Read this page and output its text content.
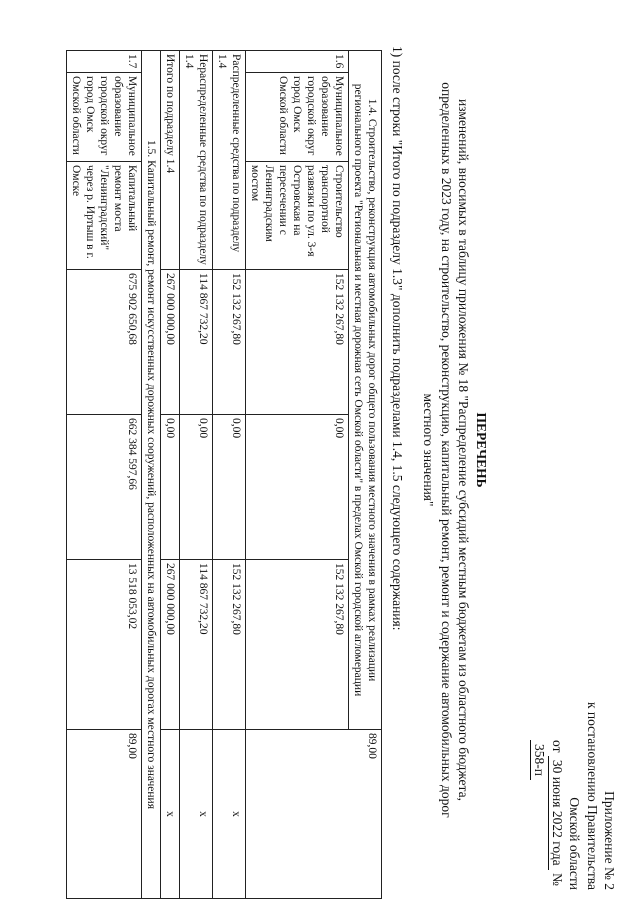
Приложение № 2
к постановлению Правительства Омской области
от 30 июня 2022 года № 358-п
ПЕРЕЧЕНЬ
изменений, вносимых в таблицу приложения № 18 "Распределение субсидий местным бюджетам из областного бюджета, определенных в 2023 году, на строительство, реконструкцию, капитальный ремонт, ремонт и содержание автомобильных дорог местного значения"
1) после строки "Итого по подразделу 1.3" дополнить подразделами 1.4, 1.5 следующего содержания:
1.4. Строительство, реконструкция автомобильных дорог общего пользования местного значения в рамках реализации регионального проекта "Региональная и местная дорожная сеть Омской области" в пределах Омской городской агломерации						89,00
1.6	Муниципальное образование городской округ город Омск Омской области	Строительство транспортной развязки по ул. 3-я Островская на пересечении с Ленинградским мостом	152 132 267,80	0,00	152 132 267,80	
Распределенные средства по подразделу 1.4			152 132 267,80	0,00	152 132 267,80	x
Нераспределенные средства по подразделу 1.4			114 867 732,20	0,00	114 867 732,20	x
Итого по подразделу 1.4			267 000 000,00	0,00	267 000 000,00	x
1.5. Капитальный ремонт, ремонт искусственных дорожных сооружений, расположенных на автомобильных дорогах местного значения						
1.7	Муниципальное образование городской округ город Омск Омской области	Капитальный ремонт моста "Ленинградский" через р. Иртыш в г. Омске	675 902 650,68	662 384 597,66	13 518 053,02	89,00
